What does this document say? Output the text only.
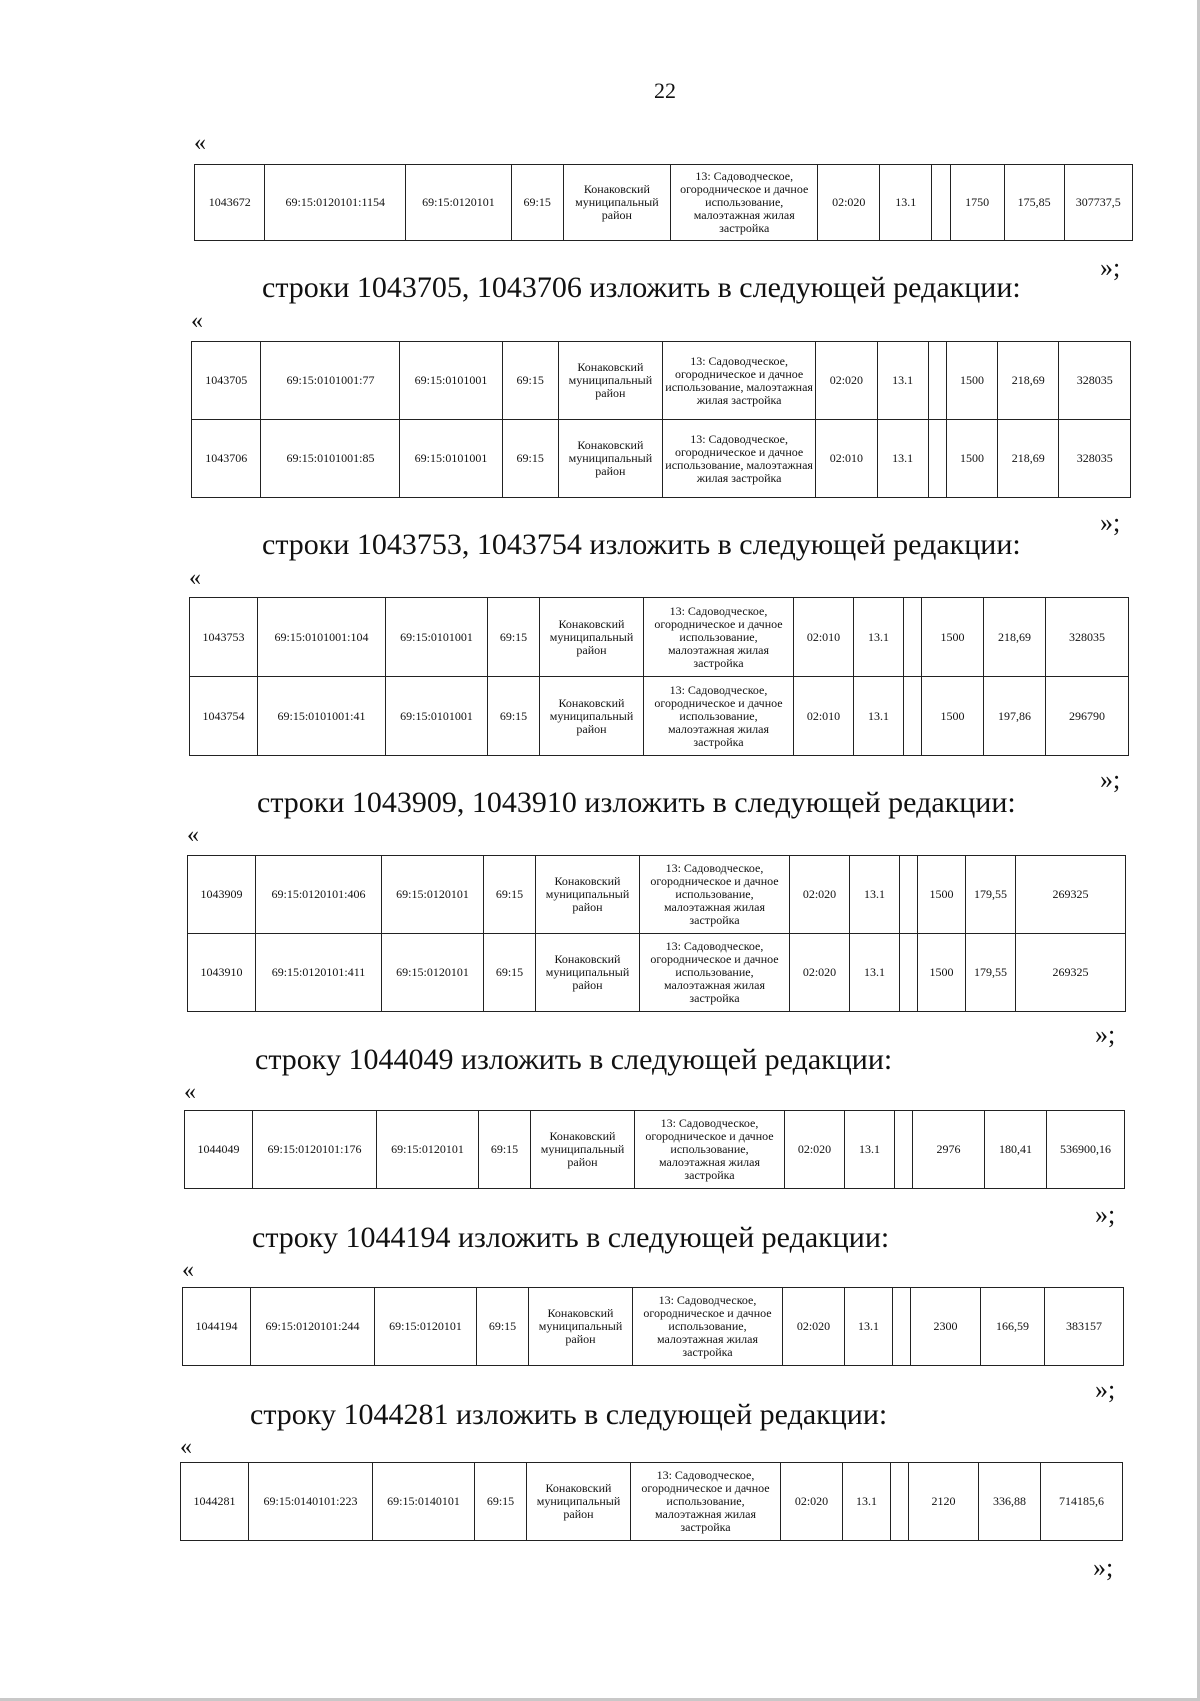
22
«
1043672	69:15:0120101:1154	69:15:0120101	69:15	Конаковский муниципальный район	13: Садоводческое, огородническое и дачное использование, малоэтажная жилая застройка	02:020	13.1		1750	175,85	307737,5
»;
строки 1043705, 1043706 изложить в следующей редакции:
«
1043705	69:15:0101001:77	69:15:0101001	69:15	Конаковский муниципальный район	13: Садоводческое, огородническое и дачное использование, малоэтажная жилая застройка	02:020	13.1		1500	218,69	328035
1043706	69:15:0101001:85	69:15:0101001	69:15	Конаковский муниципальный район	13: Садоводческое, огородническое и дачное использование, малоэтажная жилая застройка	02:010	13.1		1500	218,69	328035
»;
строки 1043753, 1043754 изложить в следующей редакции:
«
1043753	69:15:0101001:104	69:15:0101001	69:15	Конаковский муниципальный район	13: Садоводческое, огородническое и дачное использование, малоэтажная жилая застройка	02:010	13.1		1500	218,69	328035
1043754	69:15:0101001:41	69:15:0101001	69:15	Конаковский муниципальный район	13: Садоводческое, огородническое и дачное использование, малоэтажная жилая застройка	02:010	13.1		1500	197,86	296790
»;
строки 1043909, 1043910 изложить в следующей редакции:
«
1043909	69:15:0120101:406	69:15:0120101	69:15	Конаковский муниципальный район	13: Садоводческое, огородническое и дачное использование, малоэтажная жилая застройка	02:020	13.1		1500	179,55	269325
1043910	69:15:0120101:411	69:15:0120101	69:15	Конаковский муниципальный район	13: Садоводческое, огородническое и дачное использование, малоэтажная жилая застройка	02:020	13.1		1500	179,55	269325
»;
строку 1044049 изложить в следующей редакции:
«
1044049	69:15:0120101:176	69:15:0120101	69:15	Конаковский муниципальный район	13: Садоводческое, огородническое и дачное использование, малоэтажная жилая застройка	02:020	13.1		2976	180,41	536900,16
»;
строку 1044194 изложить в следующей редакции:
«
1044194	69:15:0120101:244	69:15:0120101	69:15	Конаковский муниципальный район	13: Садоводческое, огородническое и дачное использование, малоэтажная жилая застройка	02:020	13.1		2300	166,59	383157
»;
строку 1044281 изложить в следующей редакции:
«
1044281	69:15:0140101:223	69:15:0140101	69:15	Конаковский муниципальный район	13: Садоводческое, огородническое и дачное использование, малоэтажная жилая застройка	02:020	13.1		2120	336,88	714185,6
»;
